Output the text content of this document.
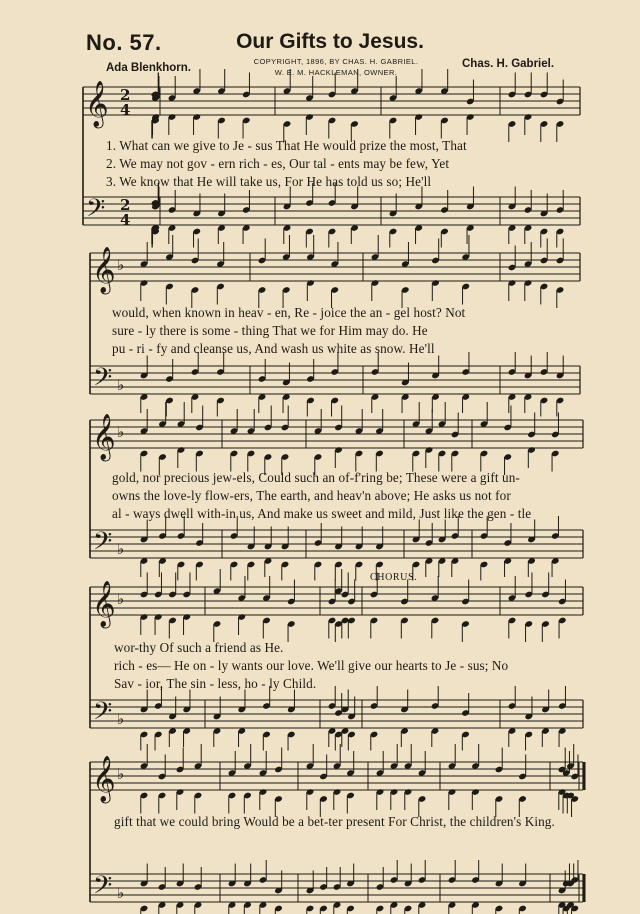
No. 57.	Our Gifts to Jesus.
Ada Blenkhorn.
COPYRIGHT, 1896, BY CHAS. H. GABRIEL.
W. E. M. HACKLEMAN, OWNER.
Chas. H. Gabriel.
𝄞
𝄢
𝄞
𝄢
♭
♭
𝄞
𝄢
♭
♭
𝄞
𝄢
♭
♭
𝄞
𝄢
♭
♭
2
4
2
4
1. What can we give to Je - sus That He would prize the most, That
2. We may not gov - ern rich - es, Our tal - ents may be few, Yet
3. We know that He will take us, For He has told us so; He'll
would, when known in heav - en, Re - joice the an - gel host? Not
sure - ly there is some - thing That we for Him may do. He
pu - ri - fy and cleanse us, And wash us white as snow. He'll
gold, nor precious jew-els, Could such an of-f'ring be; These were a gift un-
owns the love-ly flow-ers, The earth, and heav'n above; He asks us not for
al - ways dwell with-in us, And make us sweet and mild, Just like the gen - tle
CHORUS.
wor-thy Of such a friend as He.
rich - es— He on - ly wants our love. We'll give our hearts to Je - sus; No
Sav - ior, The sin - less, ho - ly Child.
gift that we could bring Would be a bet-ter present For Christ, the children's King.
